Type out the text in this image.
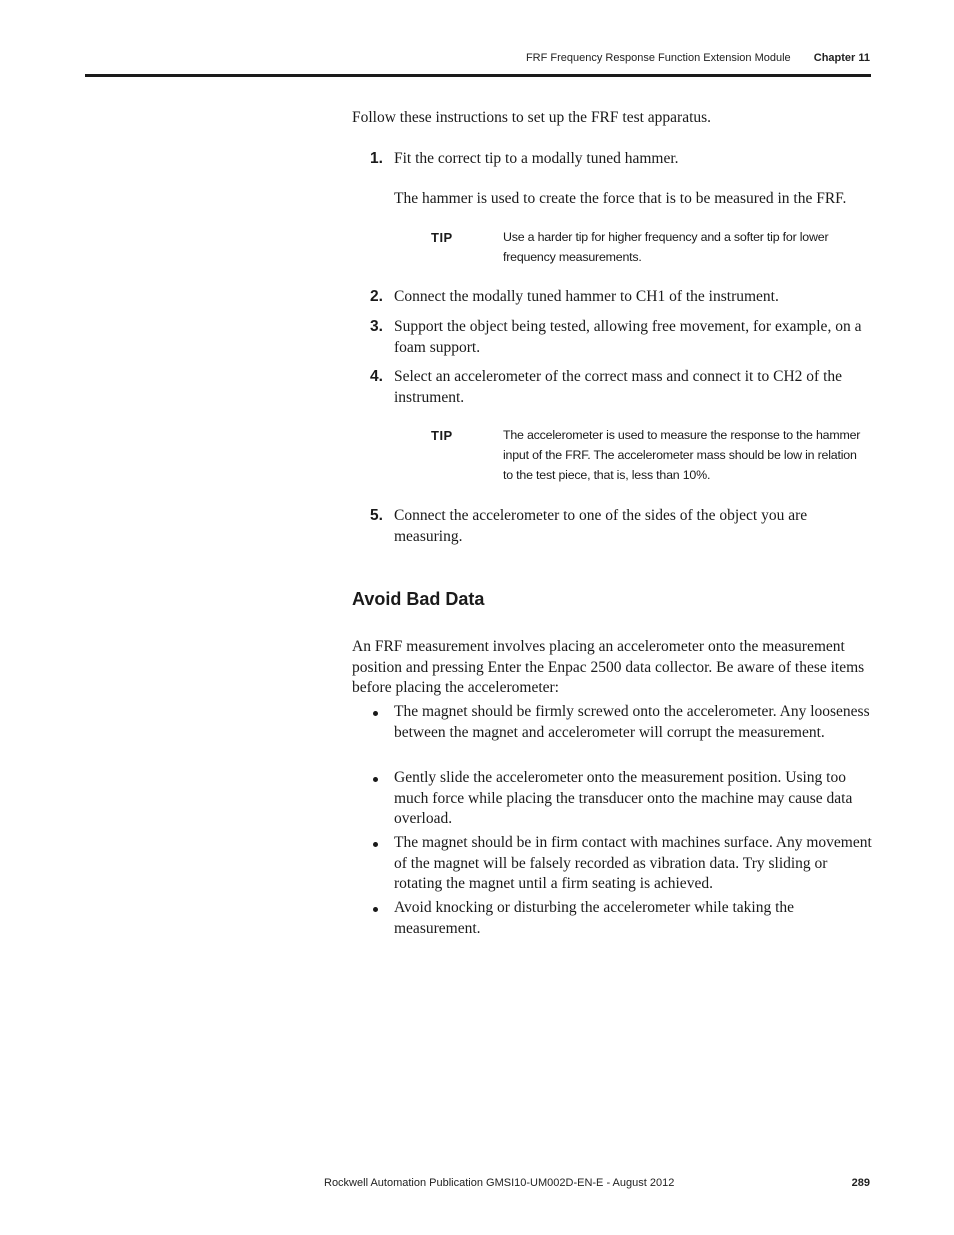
FRF Frequency Response Function Extension Module Chapter 11
Follow these instructions to set up the FRF test apparatus.
1. Fit the correct tip to a modally tuned hammer.
The hammer is used to create the force that is to be measured in the FRF.
TIP	Use a harder tip for higher frequency and a softer tip for lower frequency measurements.
2. Connect the modally tuned hammer to CH1 of the instrument.
3. Support the object being tested, allowing free movement, for example, on a foam support.
4. Select an accelerometer of the correct mass and connect it to CH2 of the instrument.
TIP	The accelerometer is used to measure the response to the hammer input of the FRF. The accelerometer mass should be low in relation to the test piece, that is, less than 10%.
5. Connect the accelerometer to one of the sides of the object you are measuring.
Avoid Bad Data
An FRF measurement involves placing an accelerometer onto the measurement position and pressing Enter the Enpac 2500 data collector. Be aware of these items before placing the accelerometer:
The magnet should be firmly screwed onto the accelerometer. Any looseness between the magnet and accelerometer will corrupt the measurement.
Gently slide the accelerometer onto the measurement position. Using too much force while placing the transducer onto the machine may cause data overload.
The magnet should be in firm contact with machines surface. Any movement of the magnet will be falsely recorded as vibration data. Try sliding or rotating the magnet until a firm seating is achieved.
Avoid knocking or disturbing the accelerometer while taking the measurement.
Rockwell Automation Publication GMSI10-UM002D-EN-E - August 2012	289
